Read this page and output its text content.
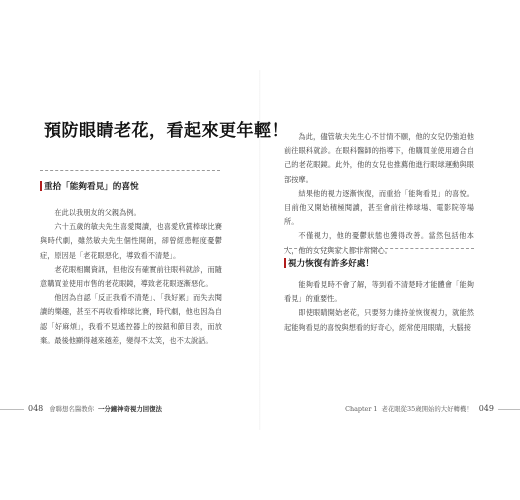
預防眼睛老花，看起來更年輕！
重拾「能夠看見」的喜悅

在此以我朋友的父親為例。

六十五歲的敏夫先生喜愛閱讀，也喜愛欣賞棒球比賽與時代劇，雖然敏夫先生個性開朗，卻曾經患輕度憂鬱症，原因是「老花眼惡化，導致看不清楚」。

老花眼相關資訊，但他沒有確實前往眼科就診，而隨意購買並使用市售的老花眼鏡，導致老花眼逐漸惡化。

他因為自認「反正我看不清楚」、「我好累」而失去閱讀的樂趣，甚至不再收看棒球比賽，時代劇，他也因為自認「好麻煩」，我看不見遙控器上的按鈕和節目表，而放棄。最後他顯得越來越差，變得不太笑，也不太說話。

048 會聯想名醫教你 一分鐘神奇視力回復法

為此，儘管敏夫先生心不甘情不願，他的女兒仍強迫他前往眼科就診。在眼科醫師的指導下，他購買並使用適合自己的老花眼鏡。此外，他的女兒也推薦他進行眼球運動與眼部按摩。

結果他的視力逐漸恢復，而重拾「能夠看見」的喜悅。目前他又開始積極閱讀，甚至會前往棒球場、電影院等場所。

不僅視力，他的憂鬱狀態也獲得改善。當然包括他本人，他的女兒與家人都非常開心。

視力恢復有許多好處！

能夠看見時不會了解，等到看不清楚時才能體會「能夠看見」的重要性。

即使眼睛開始老花，只要努力維持並恢復視力，就能然起能夠看見的喜悅與想看的好奇心，經常使用眼睛，大腦接

Chapter 1 老花眼從35歲開始的大好轉機！ 049
